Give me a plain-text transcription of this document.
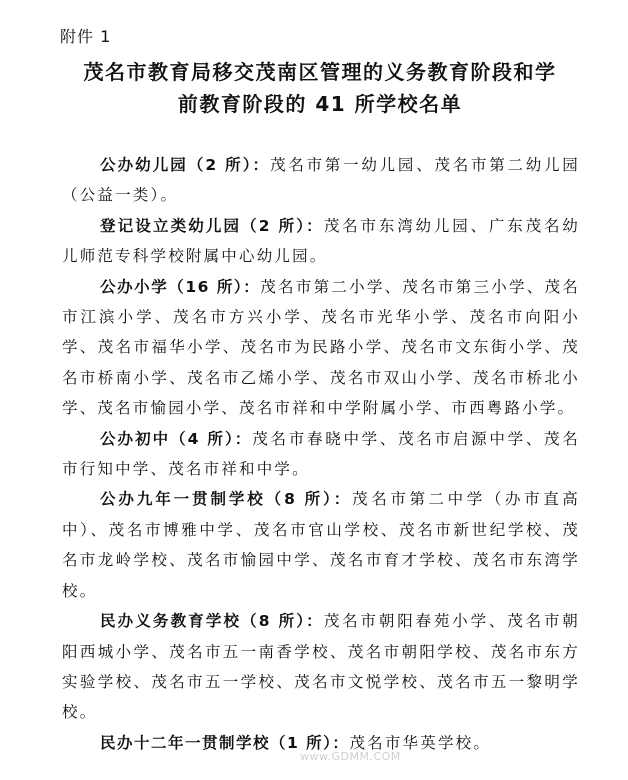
附件 1
茂名市教育局移交茂南区管理的义务教育阶段和学
前教育阶段的 41 所学校名单

公办幼儿园（2 所）：茂名市第一幼儿园、茂名市第二幼儿园（公益一类）。

登记设立类幼儿园（2 所）：茂名市东湾幼儿园、广东茂名幼儿师范专科学校附属中心幼儿园。

公办小学（16 所）：茂名市第二小学、茂名市第三小学、茂名市江滨小学、茂名市方兴小学、茂名市光华小学、茂名市向阳小学、茂名市福华小学、茂名市为民路小学、茂名市文东街小学、茂名市桥南小学、茂名市乙烯小学、茂名市双山小学、茂名市桥北小学、茂名市愉园小学、茂名市祥和中学附属小学、市西粤路小学。

公办初中（4 所）：茂名市春晓中学、茂名市启源中学、茂名市行知中学、茂名市祥和中学。

公办九年一贯制学校（8 所）：茂名市第二中学（办市直高中）、茂名市博雅中学、茂名市官山学校、茂名市新世纪学校、茂名市龙岭学校、茂名市愉园中学、茂名市育才学校、茂名市东湾学校。

民办义务教育学校（8 所）：茂名市朝阳春苑小学、茂名市朝阳西城小学、茂名市五一南香学校、茂名市朝阳学校、茂名市东方实验学校、茂名市五一学校、茂名市文悦学校、茂名市五一黎明学校。

民办十二年一贯制学校（1 所）：茂名市华英学校。

www.GDMM.COM
